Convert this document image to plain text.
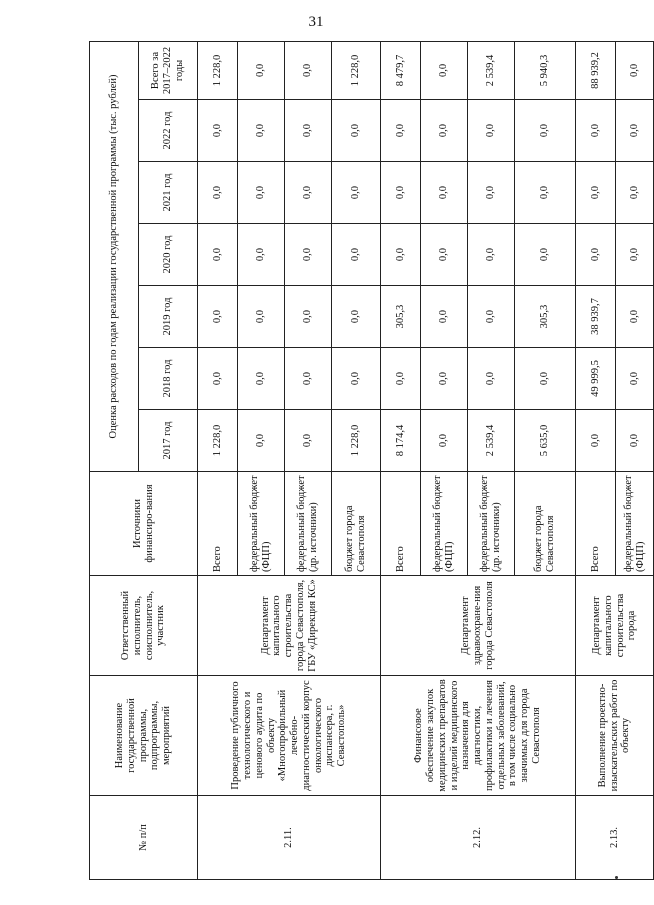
31
№ п/п	Наименование государственной программы, подпрограммы, мероприятий	Ответственный исполнитель, соисполнитель, участник	Источники финансиро-вания	Оценка расходов по годам реализации государственной программы (тыс. рублей)						
				2017 год	2018 год	2019 год	2020 год	2021 год	2022 год	Всего за 2017–2022 годы
2.11.	Проведение публичного технологического и ценового аудита по объекту «Многопрофильный лечебно-диагностический корпус онкологического диспансера, г. Севастополь»	Департамент капитального строительства города Севастополя, ГБУ «Дирекция КС»	Всего	1 228,0	0,0	0,0	0,0	0,0	0,0	1 228,0
			федеральный бюджет (ФЦП)	0,0	0,0	0,0	0,0	0,0	0,0	0,0
			федеральный бюджет (др. источники)	0,0	0,0	0,0	0,0	0,0	0,0	0,0
			бюджет города Севастополя	1 228,0	0,0	0,0	0,0	0,0	0,0	1 228,0
2.12.	Финансовое обеспечение закупок медицинских препаратов и изделий медицинского назначения для диагностики, профилактики и лечения отдельных заболеваний, в том числе социально значимых для города Севастополя	Департамент здравоохране-ния города Севастополя	Всего	8 174,4	0,0	305,3	0,0	0,0	0,0	8 479,7
			федеральный бюджет (ФЦП)	0,0	0,0	0,0	0,0	0,0	0,0	0,0
			федеральный бюджет (др. источники)	2 539,4	0,0	0,0	0,0	0,0	0,0	2 539,4
			бюджет города Севастополя	5 635,0	0,0	305,3	0,0	0,0	0,0	5 940,3
2.13.	Выполнение проектно-изыскательских работ по объекту	Департамент капитального строительства города	Всего	0,0	49 999,5	38 939,7	0,0	0,0	0,0	88 939,2
			федеральный бюджет (ФЦП)	0,0	0,0	0,0	0,0	0,0	0,0	0,0
